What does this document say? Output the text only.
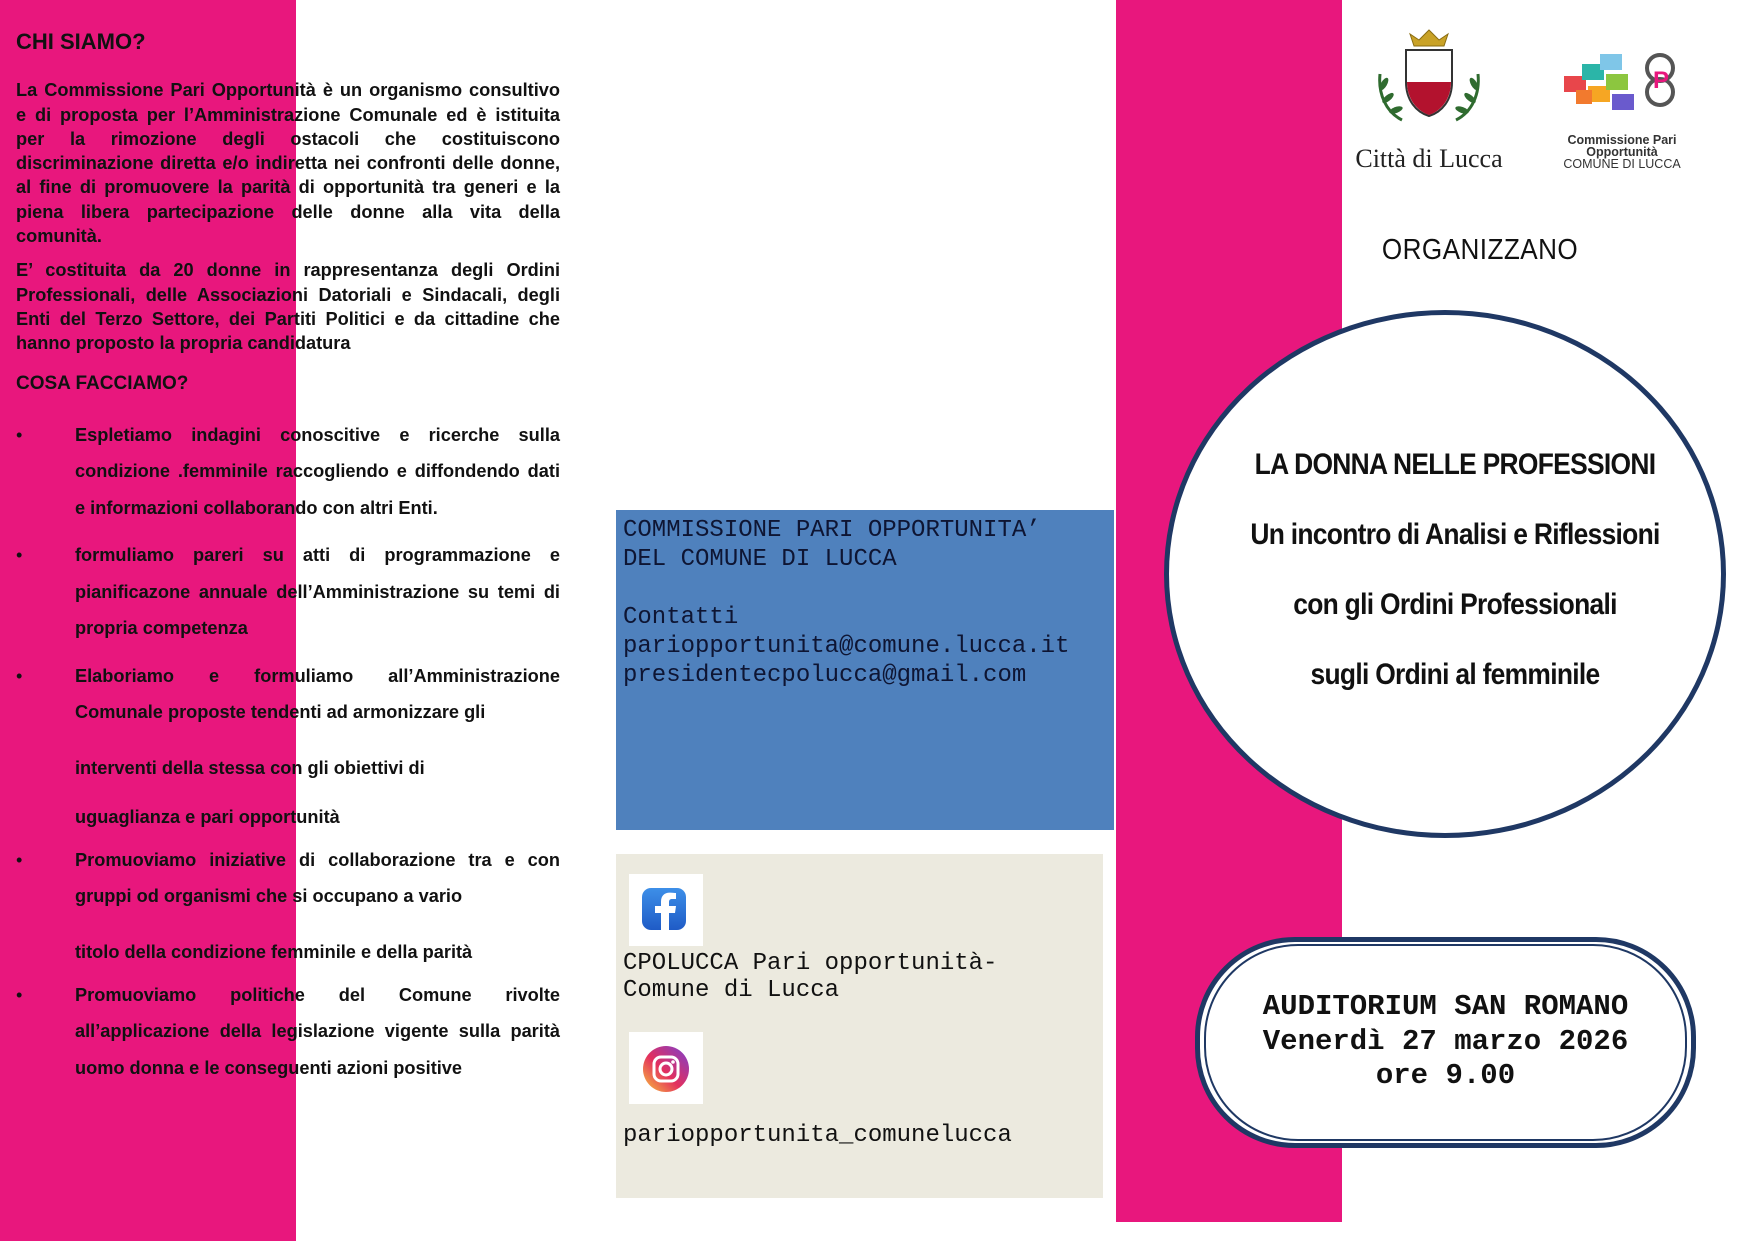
CHI SIAMO?

La Commissione Pari Opportunità è un organismo consultivo e di proposta per l’Amministrazione Comunale ed è istituita per la rimozione degli ostacoli che costituiscono discriminazione diretta e/o indiretta nei confronti delle donne, al fine di promuovere la parità di opportunità tra generi e la piena libera partecipazione delle donne alla vita della comunità.

E’ costituita da 20 donne in rappresentanza degli Ordini Professionali, delle Associazioni Datoriali e Sindacali, degli Enti del Terzo Settore, dei Partiti Politici e da cittadine che hanno proposto la propria candidatura

COSA FACCIAMO?
• Espletiamo indagini conoscitive e ricerche sulla condizione .femminile raccogliendo e diffondendo dati e informazioni collaborando con altri Enti.
• formuliamo pareri su atti di programmazione e pianificazone annuale dell’Amministrazione su temi di propria competenza
• Elaboriamo e formuliamo all’Amministrazione Comunale proposte tendenti ad armonizzare gli
interventi della stessa con gli obiettivi di
uguaglianza e pari opportunità
• Promuoviamo iniziative di collaborazione tra e con gruppi od organismi che si occupano a vario
titolo della condizione femminile e della parità
• Promuoviamo politiche del Comune rivolte all’applicazione della legislazione vigente sulla parità uomo donna e le conseguenti azioni positive
COMMISSIONE PARI OPPORTUNITA’
DEL COMUNE DI LUCCA
Contatti
pariopportunita@comune.lucca.it
presidentecpolucca@gmail.com
CPOLUCCA Pari opportunità- Comune di Lucca
pariopportunita_comunelucca
Città di Lucca
P
Commissione Pari
Opportunità
COMUNE DI LUCCA
ORGANIZZANO
LA DONNA NELLE PROFESSIONI
Un incontro di Analisi e Riflessioni
con gli Ordini Professionali
sugli Ordini al femminile
AUDITORIUM SAN ROMANO
Venerdì 27 marzo 2026
ore 9.00
